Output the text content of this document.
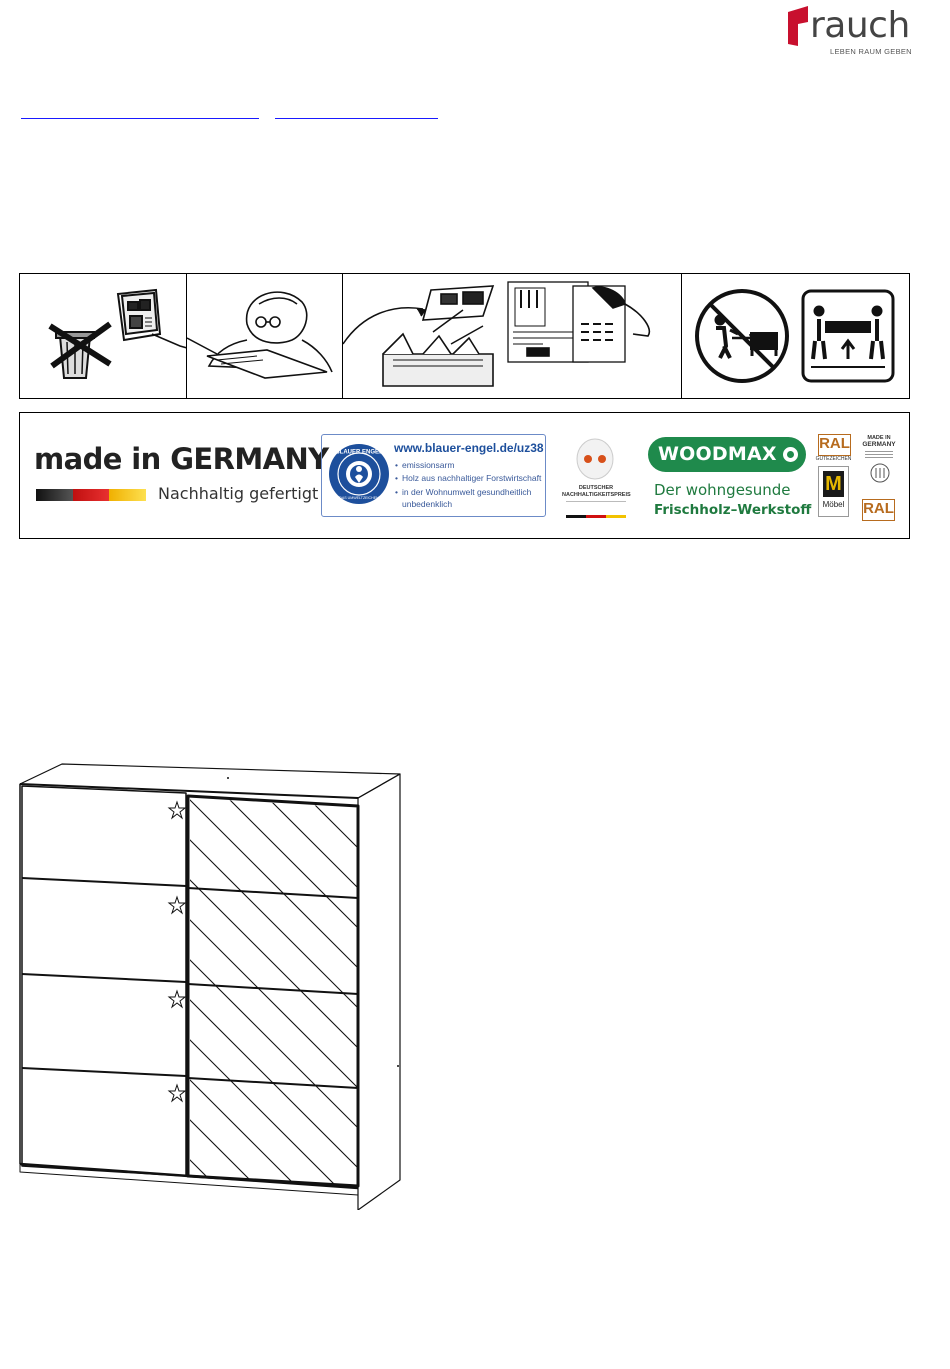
rauch
LEBEN RAUM GEBEN
made in GERMANY
Nachhaltig gefertigt
BLAUER ENGEL
DAS UMWELTZEICHEN
www.blauer-engel.de/uz38
• emissionsarm
• Holz aus nachhaltiger Forstwirtschaft
• in der Wohnumwelt gesundheitlich unbedenklich
DEUTSCHER
NACHHALTIGKEITSPREIS
WOODMAX
Der wohngesunde
Frischholz–Werkstoff
RAL
GÜTEZEICHEN
M
Möbel
MADE IN
GERMANY
RAL
